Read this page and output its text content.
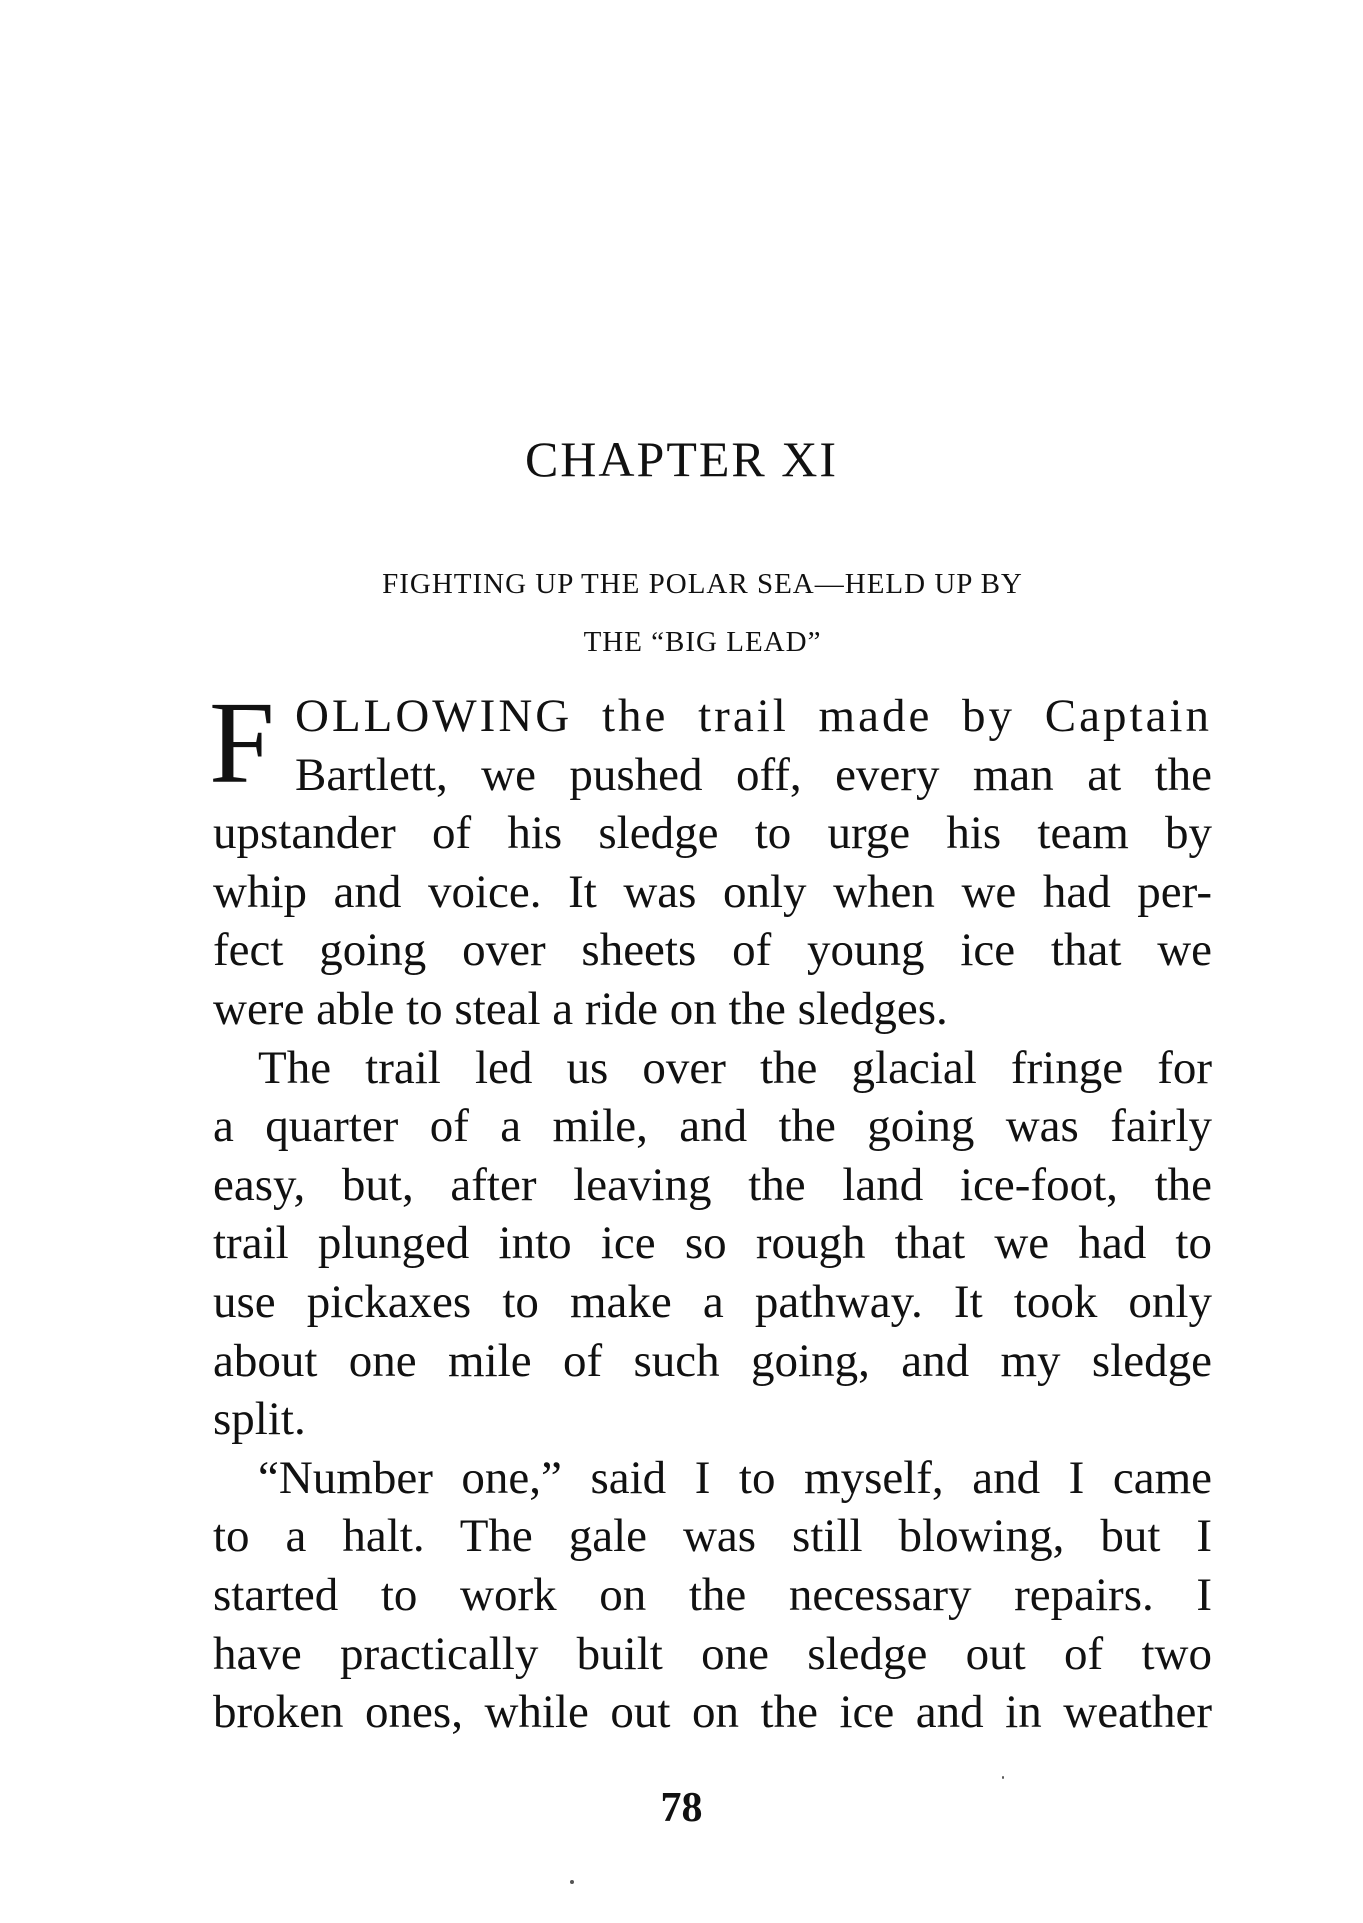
CHAPTER XI
FIGHTING UP THE POLAR SEA—HELD UP BY
THE “BIG LEAD”
F OLLOWING the trail made by Captain
Bartlett, we pushed off, every man at the
upstander of his sledge to urge his team by
whip and voice. It was only when we had per-
fect going over sheets of young ice that we
were able to steal a ride on the sledges.
The trail led us over the glacial fringe for
a quarter of a mile, and the going was fairly
easy, but, after leaving the land ice-foot, the
trail plunged into ice so rough that we had to
use pickaxes to make a pathway. It took only
about one mile of such going, and my sledge
split.
“Number one,” said I to myself, and I came
to a halt. The gale was still blowing, but I
started to work on the necessary repairs. I
have practically built one sledge out of two
broken ones, while out on the ice and in weather
78
